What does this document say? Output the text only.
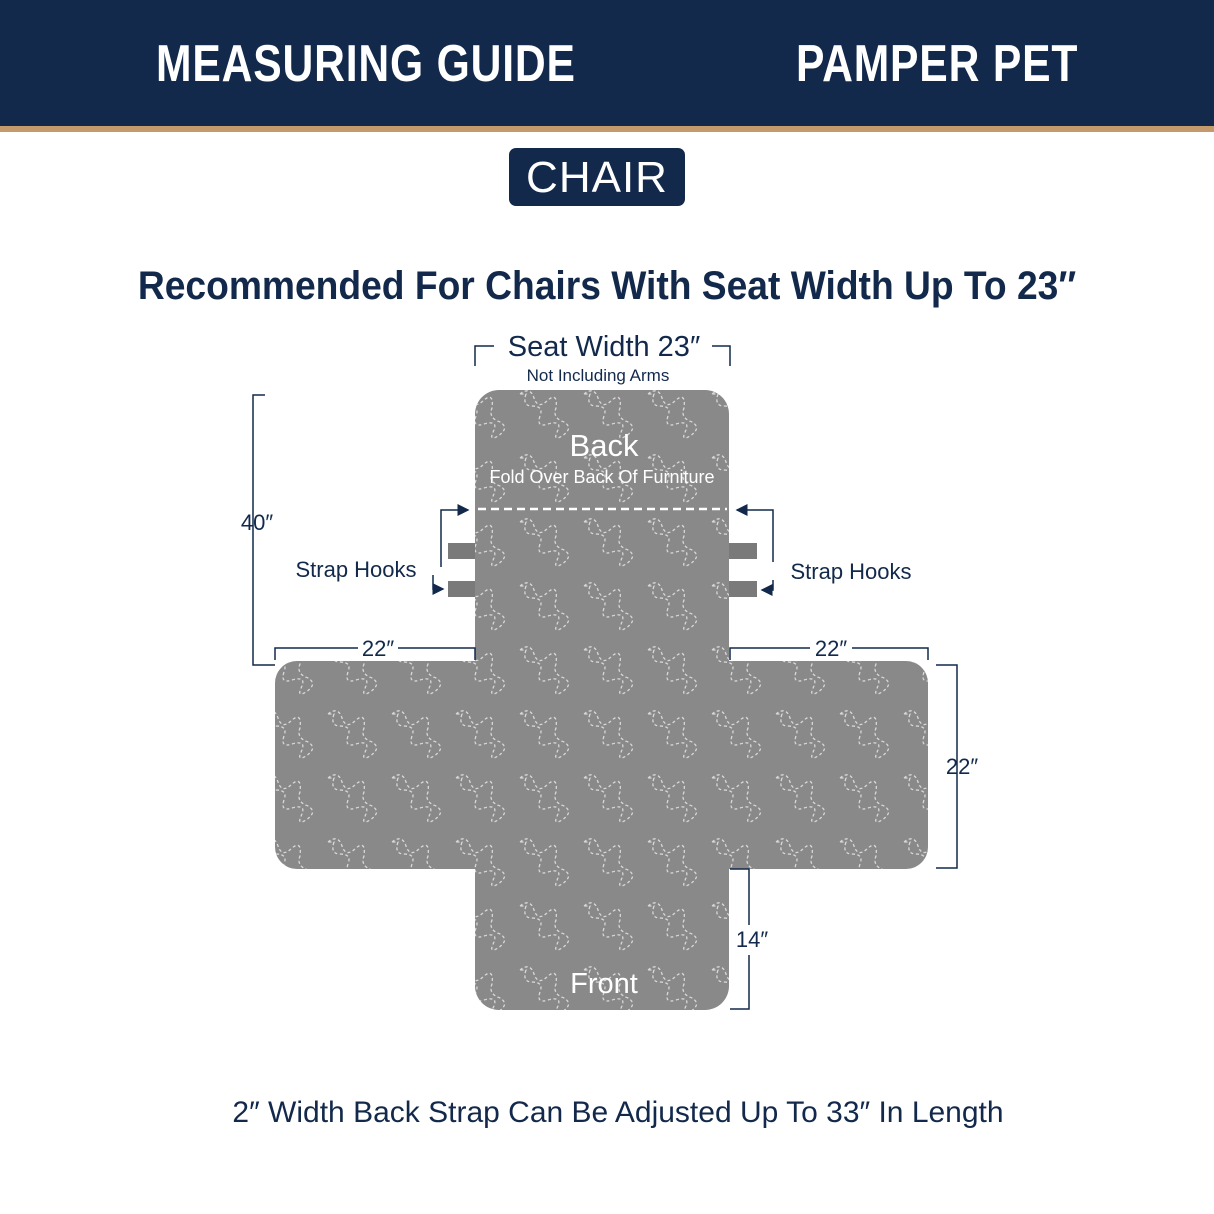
MEASURING GUIDE	PAMPER PET
CHAIR
Recommended For Chairs With Seat Width Up To 23″
Seat Width 23″
Not Including Arms
40″
Strap Hooks	Strap Hooks
22″	22″
22″
14″
Back
Fold Over Back Of Furniture
Front
2″ Width Back Strap Can Be Adjusted Up To 33″ In Length
